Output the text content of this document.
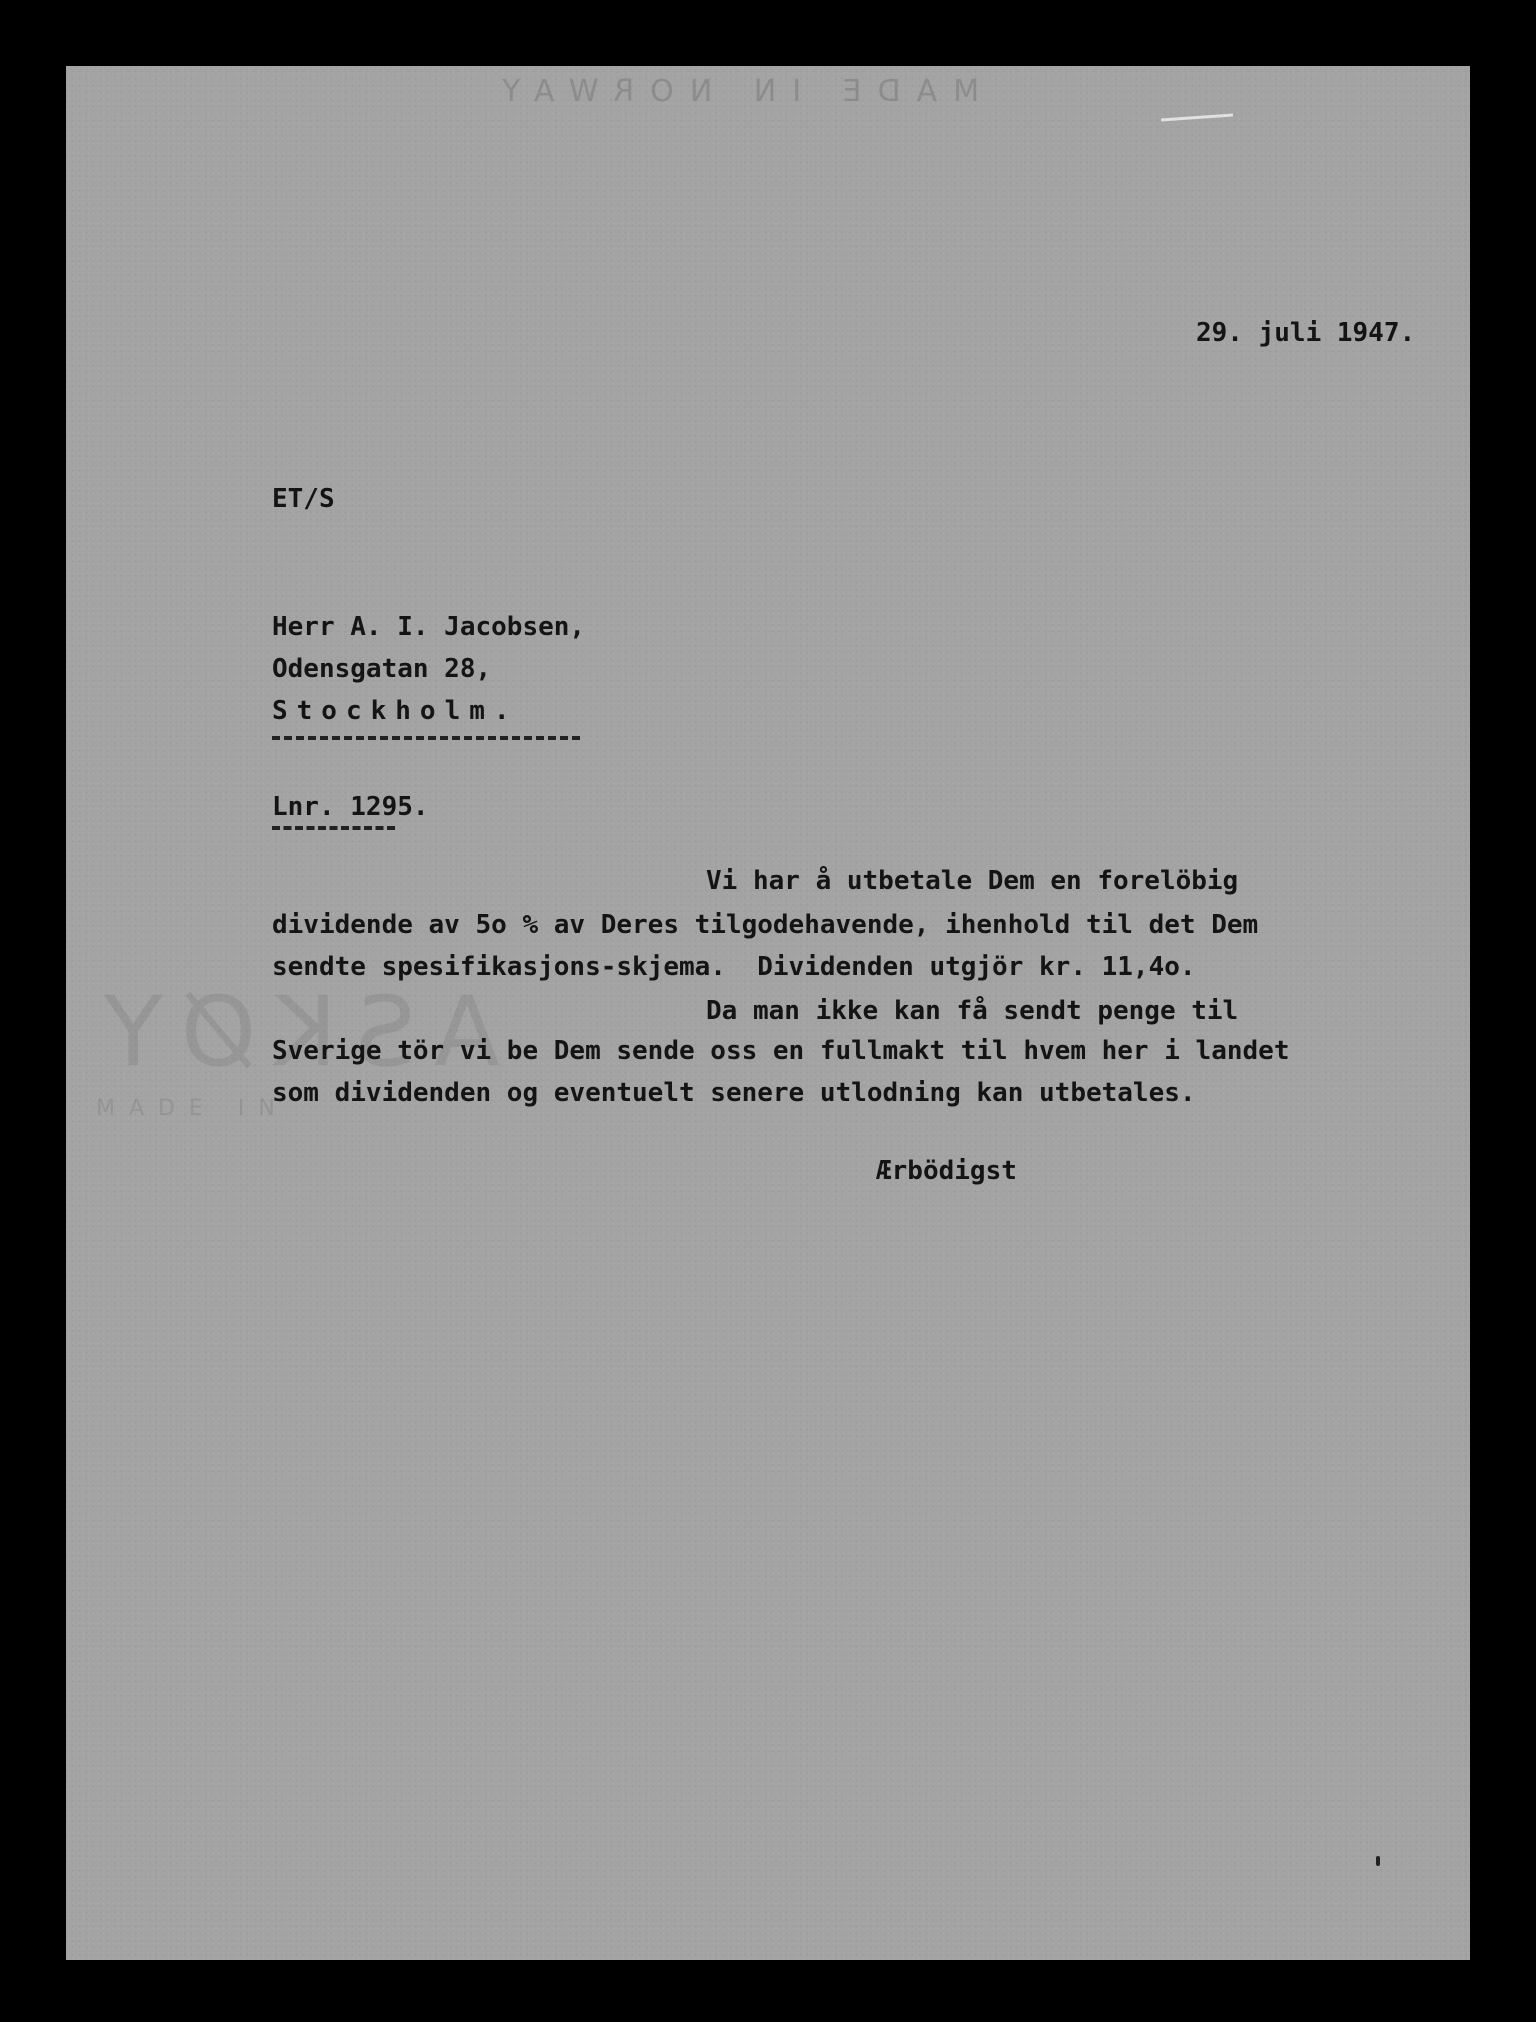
MADE IN NORWAY
ASKØY
MADE IN
29. juli 1947.
ET/S
Herr A. I. Jacobsen,
Odensgatan 28,
Stockholm.
Lnr. 1295.
Vi har å utbetale Dem en forelöbig
dividende av 5o % av Deres tilgodehavende, ihenhold til det Dem
sendte spesifikasjons-skjema.  Dividenden utgjör kr. 11,4o.
Da man ikke kan få sendt penge til
Sverige tör vi be Dem sende oss en fullmakt til hvem her i landet
som dividenden og eventuelt senere utlodning kan utbetales.
Ærbödigst
